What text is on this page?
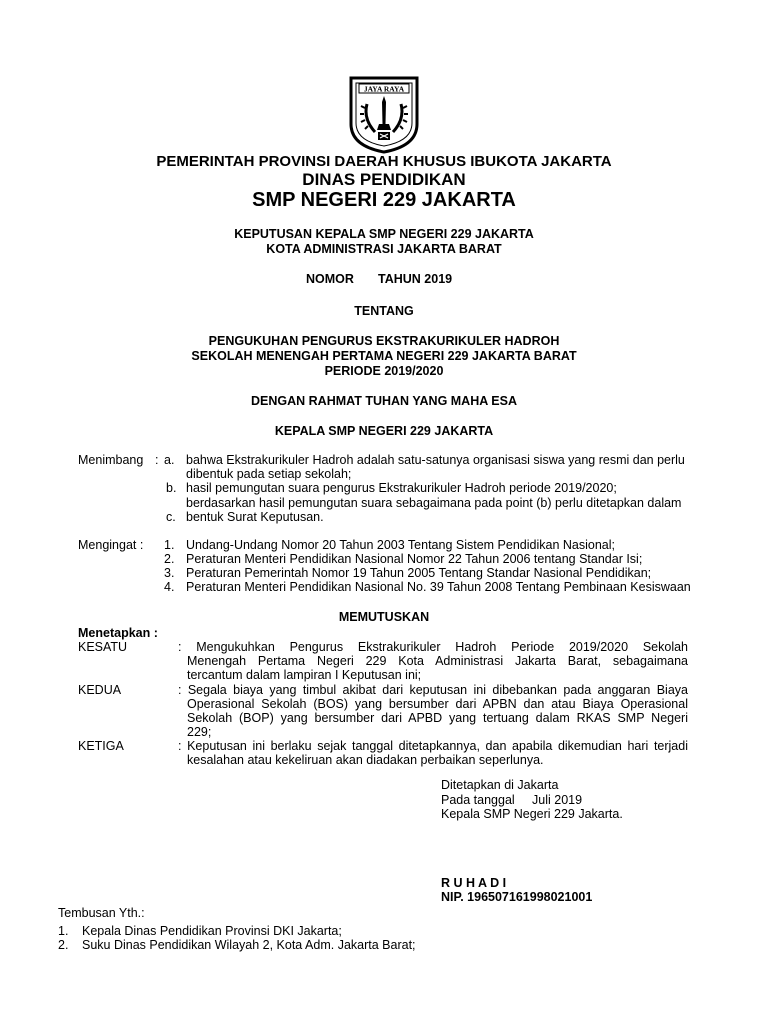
JAYA RAYA
PEMERINTAH PROVINSI DAERAH KHUSUS IBUKOTA JAKARTA
DINAS PENDIDIKAN
SMP NEGERI 229 JAKARTA
KEPUTUSAN KEPALA SMP NEGERI 229 JAKARTA
KOTA ADMINISTRASI JAKARTA BARAT
NOMOR TAHUN 2019
TENTANG
PENGUKUHAN PENGURUS EKSTRAKURIKULER HADROH
SEKOLAH MENENGAH PERTAMA NEGERI 229 JAKARTA BARAT
PERIODE 2019/2020
DENGAN RAHMAT TUHAN YANG MAHA ESA
KEPALA SMP NEGERI 229 JAKARTA
Menimbang : a. bahwa Ekstrakurikuler Hadroh adalah satu-satunya organisasi siswa yang resmi dan perlu
dibentuk pada setiap sekolah;
b. hasil pemungutan suara pengurus Ekstrakurikuler Hadroh periode 2019/2020;
berdasarkan hasil pemungutan suara sebagaimana pada point (b) perlu ditetapkan dalam
c. bentuk Surat Keputusan.
Mengingat : 1. Undang-Undang Nomor 20 Tahun 2003 Tentang Sistem Pendidikan Nasional;
2. Peraturan Menteri Pendidikan Nasional Nomor 22 Tahun 2006 tentang Standar Isi;
3. Peraturan Pemerintah Nomor 19 Tahun 2005 Tentang Standar Nasional Pendidikan;
4. Peraturan Menteri Pendidikan Nasional No. 39 Tahun 2008 Tentang Pembinaan Kesiswaan
MEMUTUSKAN
Menetapkan :
KESATU	: Mengukuhkan Pengurus Ekstrakurikuler Hadroh Periode 2019/2020 Sekolah
Menengah Pertama Negeri 229 Kota Administrasi Jakarta Barat, sebagaimana
tercantum dalam lampiran I Keputusan ini;
KEDUA	: Segala biaya yang timbul akibat dari keputusan ini dibebankan pada anggaran Biaya
Operasional Sekolah (BOS) yang bersumber dari APBN dan atau Biaya Operasional
Sekolah (BOP) yang bersumber dari APBD yang tertuang dalam RKAS SMP Negeri
229;
KETIGA	: Keputusan ini berlaku sejak tanggal ditetapkannya, dan apabila dikemudian hari terjadi
kesalahan atau kekeliruan akan diadakan perbaikan seperlunya.
Ditetapkan di Jakarta
Pada tanggal     Juli 2019
Kepala SMP Negeri 229 Jakarta.
R U H A D I
NIP. 196507161998021001
Tembusan Yth.:
1. Kepala Dinas Pendidikan Provinsi DKI Jakarta;
2. Suku Dinas Pendidikan Wilayah 2, Kota Adm. Jakarta Barat;
